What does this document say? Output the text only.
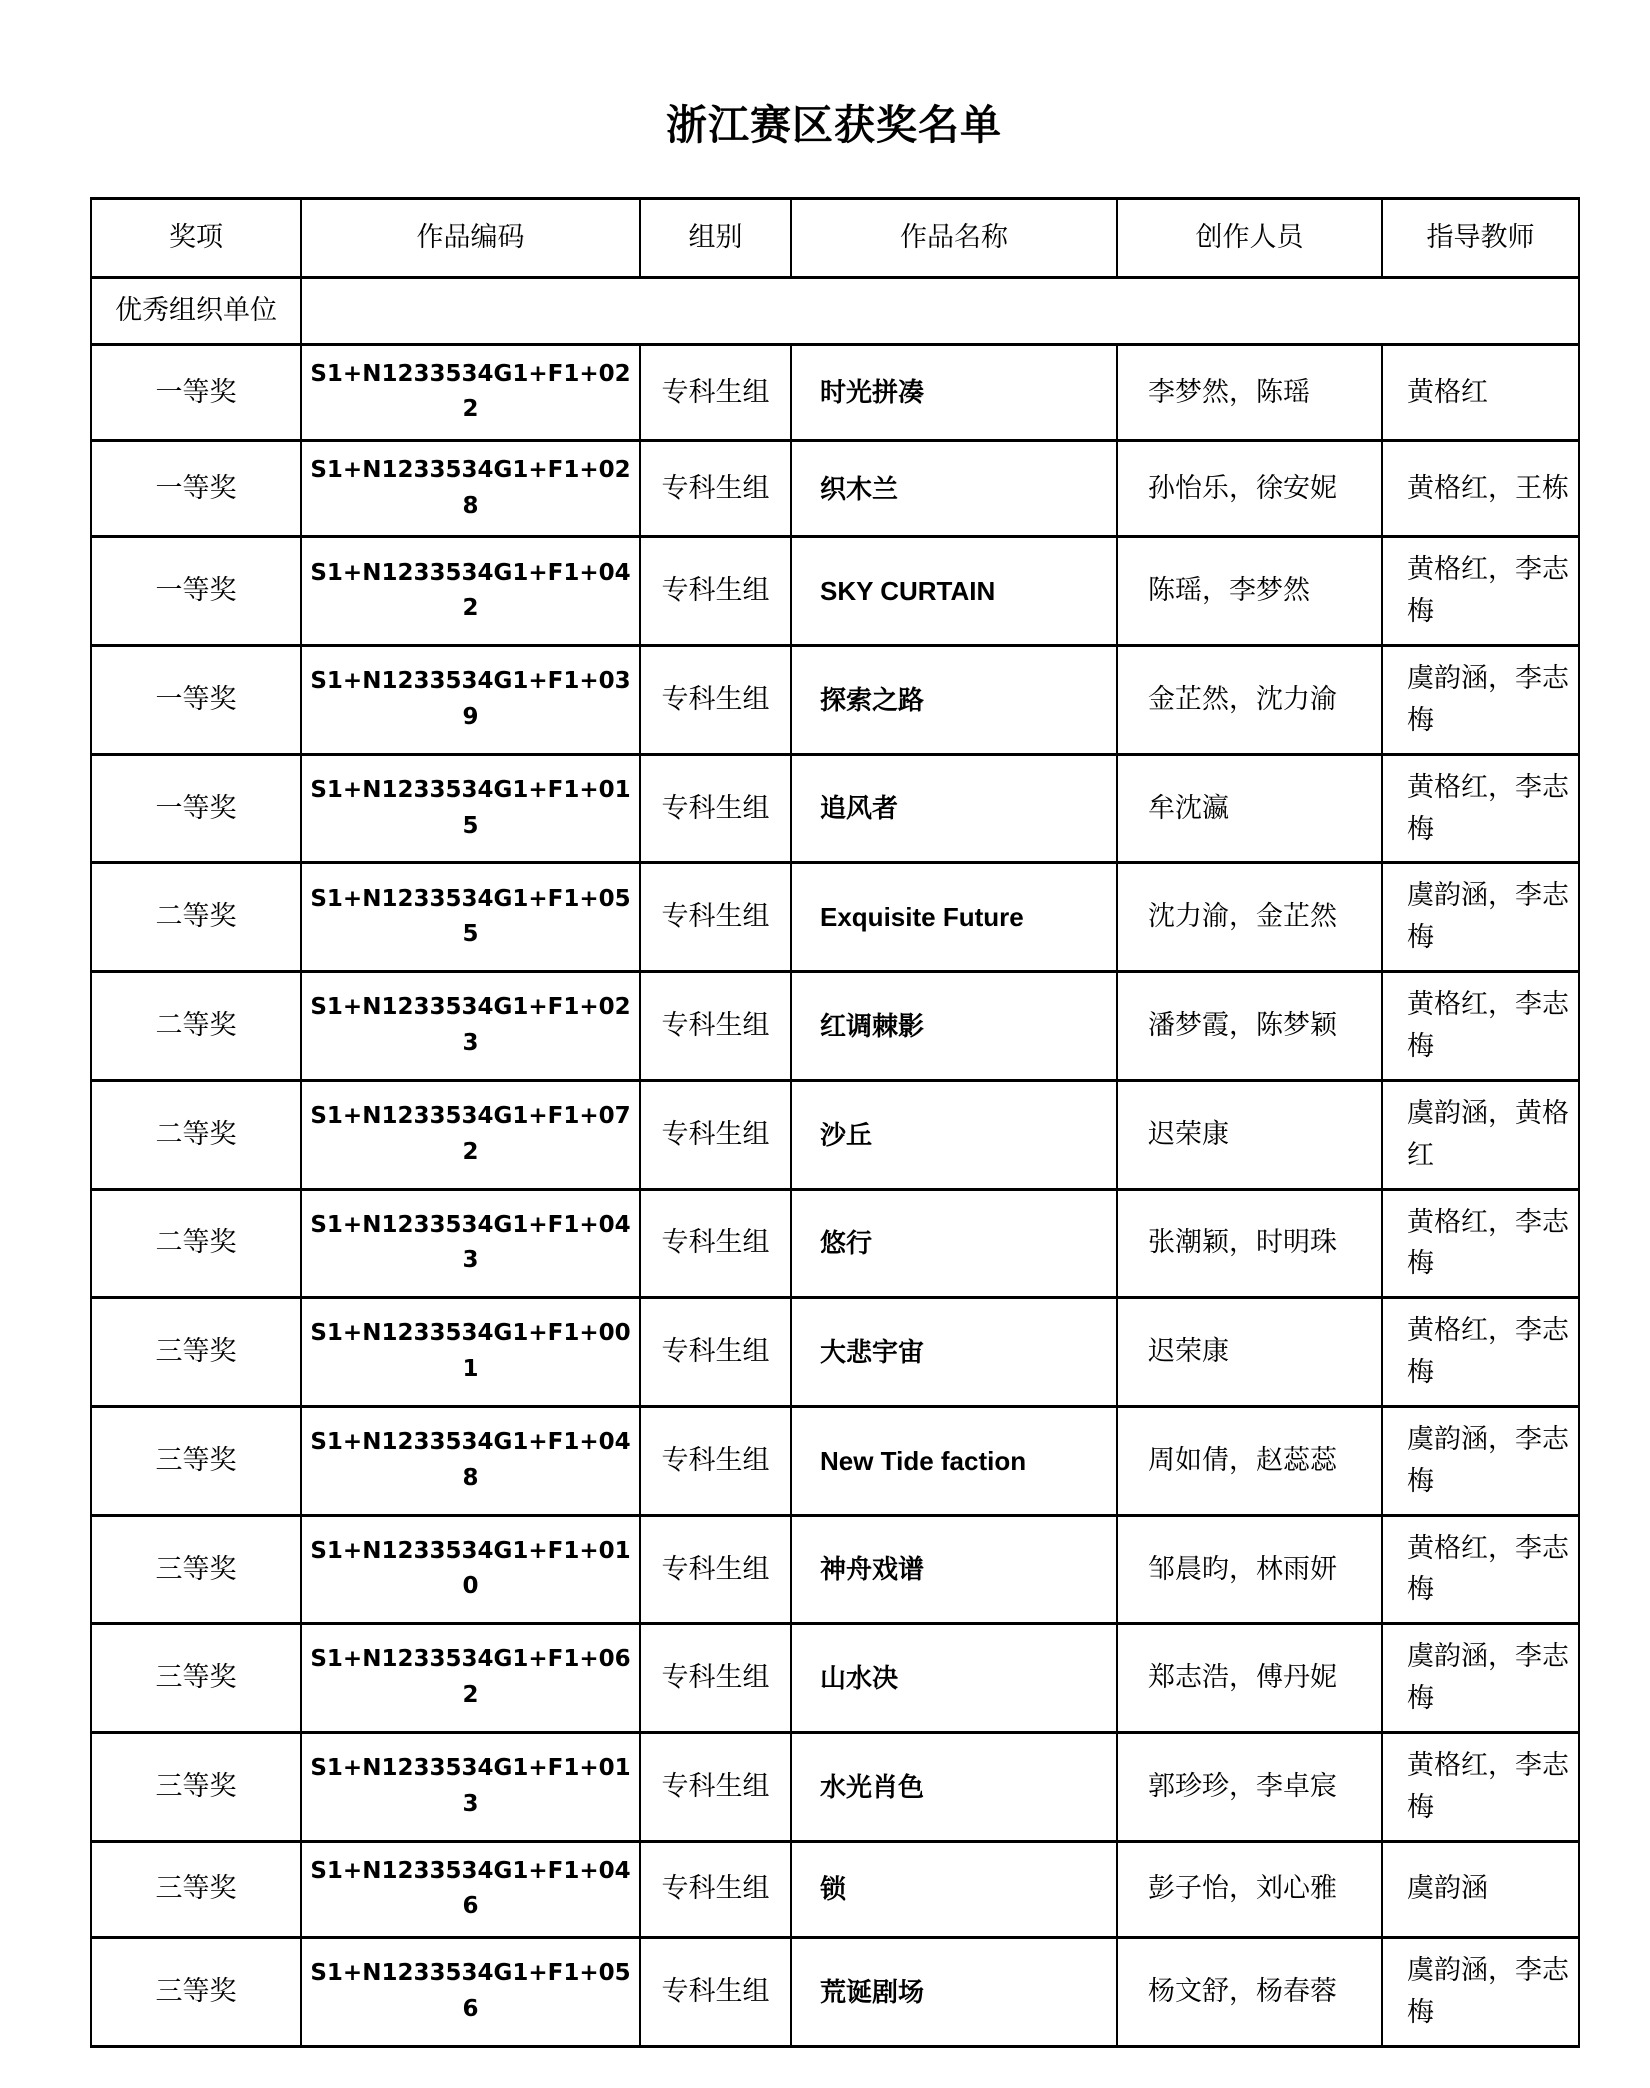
浙江赛区获奖名单
奖项	作品编码	组别	作品名称	创作人员	指导教师
优秀组织单位					
一等奖	S1+N1233534G1+F1+022	专科生组	时光拼凑	李梦然，陈瑶	黄格红
一等奖	S1+N1233534G1+F1+028	专科生组	织木兰	孙怡乐，徐安妮	黄格红，王栋
一等奖	S1+N1233534G1+F1+042	专科生组	SKY CURTAIN	陈瑶，李梦然	黄格红，李志梅
一等奖	S1+N1233534G1+F1+039	专科生组	探索之路	金芷然，沈力渝	虞韵涵，李志梅
一等奖	S1+N1233534G1+F1+015	专科生组	追风者	牟沈瀛	黄格红，李志梅
二等奖	S1+N1233534G1+F1+055	专科生组	Exquisite Future	沈力渝，金芷然	虞韵涵，李志梅
二等奖	S1+N1233534G1+F1+023	专科生组	红调棘影	潘梦霞，陈梦颖	黄格红，李志梅
二等奖	S1+N1233534G1+F1+072	专科生组	沙丘	迟荣康	虞韵涵，黄格红
二等奖	S1+N1233534G1+F1+043	专科生组	悠行	张潮颖，时明珠	黄格红，李志梅
三等奖	S1+N1233534G1+F1+001	专科生组	大悲宇宙	迟荣康	黄格红，李志梅
三等奖	S1+N1233534G1+F1+048	专科生组	New Tide faction	周如倩，赵蕊蕊	虞韵涵，李志梅
三等奖	S1+N1233534G1+F1+010	专科生组	神舟戏谱	邹晨昀，林雨妍	黄格红，李志梅
三等奖	S1+N1233534G1+F1+062	专科生组	山水决	郑志浩，傅丹妮	虞韵涵，李志梅
三等奖	S1+N1233534G1+F1+013	专科生组	水光肖色	郭珍珍，李卓宸	黄格红，李志梅
三等奖	S1+N1233534G1+F1+046	专科生组	锁	彭子怡，刘心雅	虞韵涵
三等奖	S1+N1233534G1+F1+056	专科生组	荒诞剧场	杨文舒，杨春蓉	虞韵涵，李志梅
